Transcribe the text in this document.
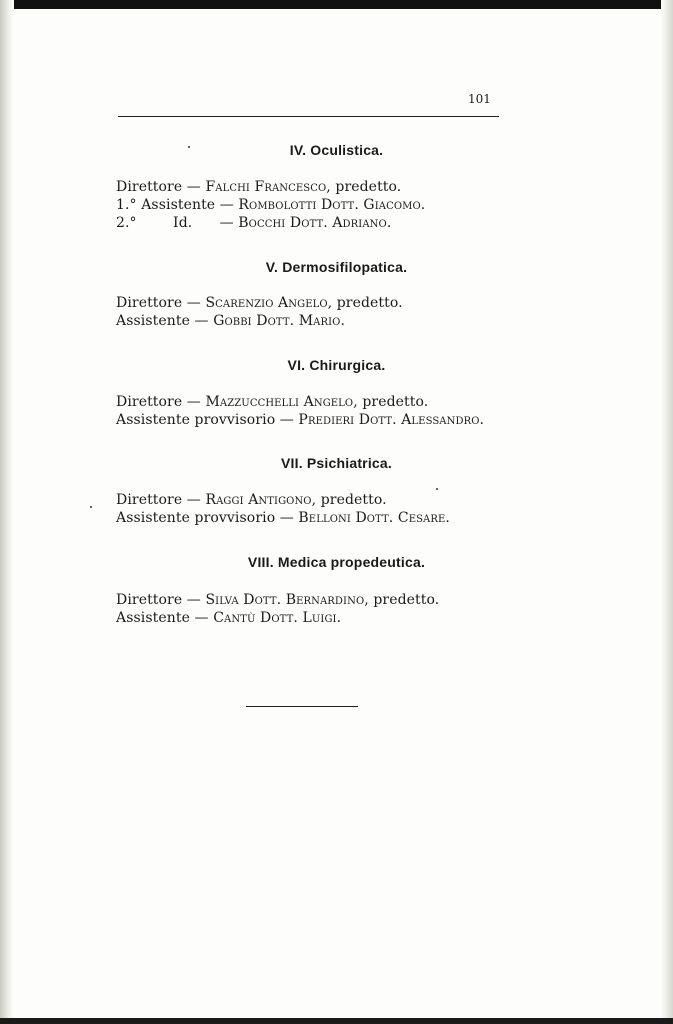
101
IV. Oculistica.
Direttore — Falchi Francesco, predetto.
1.° Assistente — Rombolotti Dott. Giacomo.
2.°        Id.      — Bocchi Dott. Adriano.
V. Dermosifilopatica.
Direttore — Scarenzio Angelo, predetto.
Assistente — Gobbi Dott. Mario.
VI. Chirurgica.
Direttore — Mazzucchelli Angelo, predetto.
Assistente provvisorio — Predieri Dott. Alessandro.
VII. Psichiatrica.
Direttore — Raggi Antigono, predetto.
Assistente provvisorio — Belloni Dott. Cesare.
VIII. Medica propedeutica.
Direttore — Silva Dott. Bernardino, predetto.
Assistente — Cantù Dott. Luigi.
